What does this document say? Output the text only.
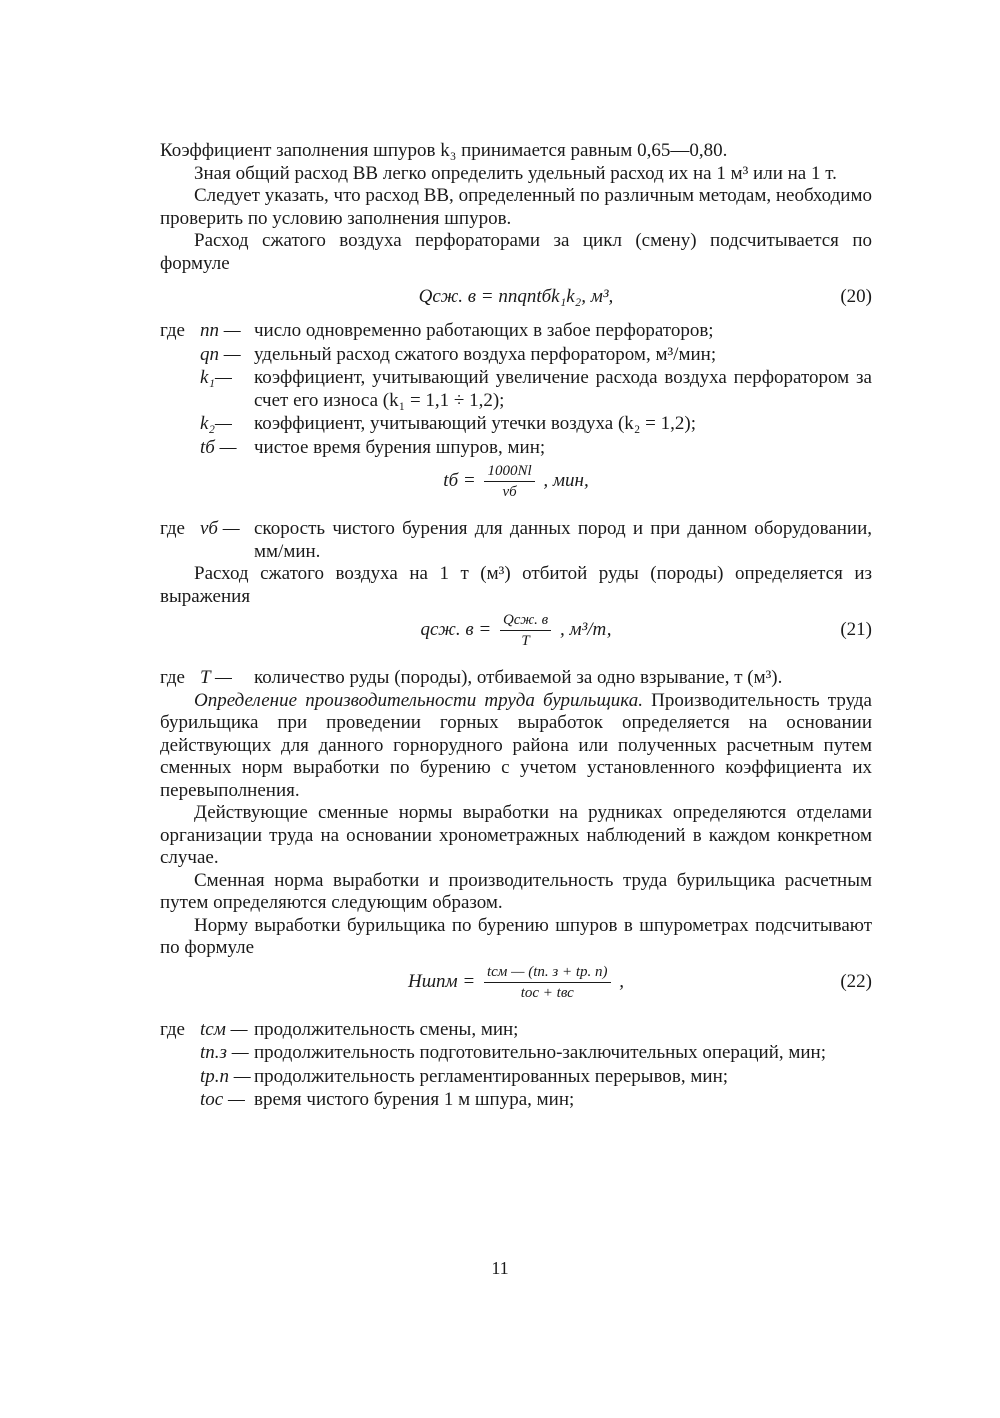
Коэффициент заполнения шпуров k₃ принимается равным 0,65—0,80.

Зная общий расход ВВ легко определить удельный расход их на 1 м³ или на 1 т.

Следует указать, что расход ВВ, определенный по различным методам, необходимо проверить по условию заполнения шпуров.

Расход сжатого воздуха перфораторами за цикл (смену) подсчитывается по формуле

Qсж. в = nпqпtбk₁k₂, м³,	(20)
где nп — число одновременно работающих в забое перфораторов;
qп — удельный расход сжатого воздуха перфоратором, м³/мин;
k₁—	коэффициент, учитывающий увеличение расхода воздуха перфоратором за счет его износа (k₁ = 1,1 ÷ 1,2);
k₂—	коэффициент, учитывающий утечки воздуха (k₂ = 1,2);
tб — чистое время бурения шпуров, мин;
tб = $\frac{1000Nl}{vб}$ , мин,
где vб — скорость чистого бурения для данных пород и при данном оборудовании, мм/мин.

Расход сжатого воздуха на 1 т (м³) отбитой руды (породы) определяется из выражения

qсж. $в = \frac{\text{Qсж. в}}{T}$ , м³/т,	(21)
где T —	количество руды (породы), отбиваемой за одно взрывание, т (м³).

Определение производительности труда бурильщика. Производительность труда бурильщика при проведении горных выработок определяется на основании действующих для данного горнорудного района или полученных расчетным путем сменных норм выработки по бурению с учетом установленного коэффициента их перевыполнения.

Действующие сменные нормы выработки на рудниках определяются отделами организации труда на основании хронометражных наблюдений в каждом конкретном случае.

Сменная норма выработки и производительность труда бурильщика расчетным путем определяются следующим образом.

Норму выработки бурильщика по бурению шпуров в шпурометрах подсчитывают по формуле

Hшпм = $\frac{\text{tсм — (tп. з + tр. п)}}{\text{tос + tвс}}$ ,	(22)
где tсм — продолжительность смены, мин;
tп.з — продолжительность подготовительно-заключительных операций, мин;
tр.п — продолжительность регламентированных перерывов, мин;
tос — время чистого бурения 1 м шпура, мин;
11
